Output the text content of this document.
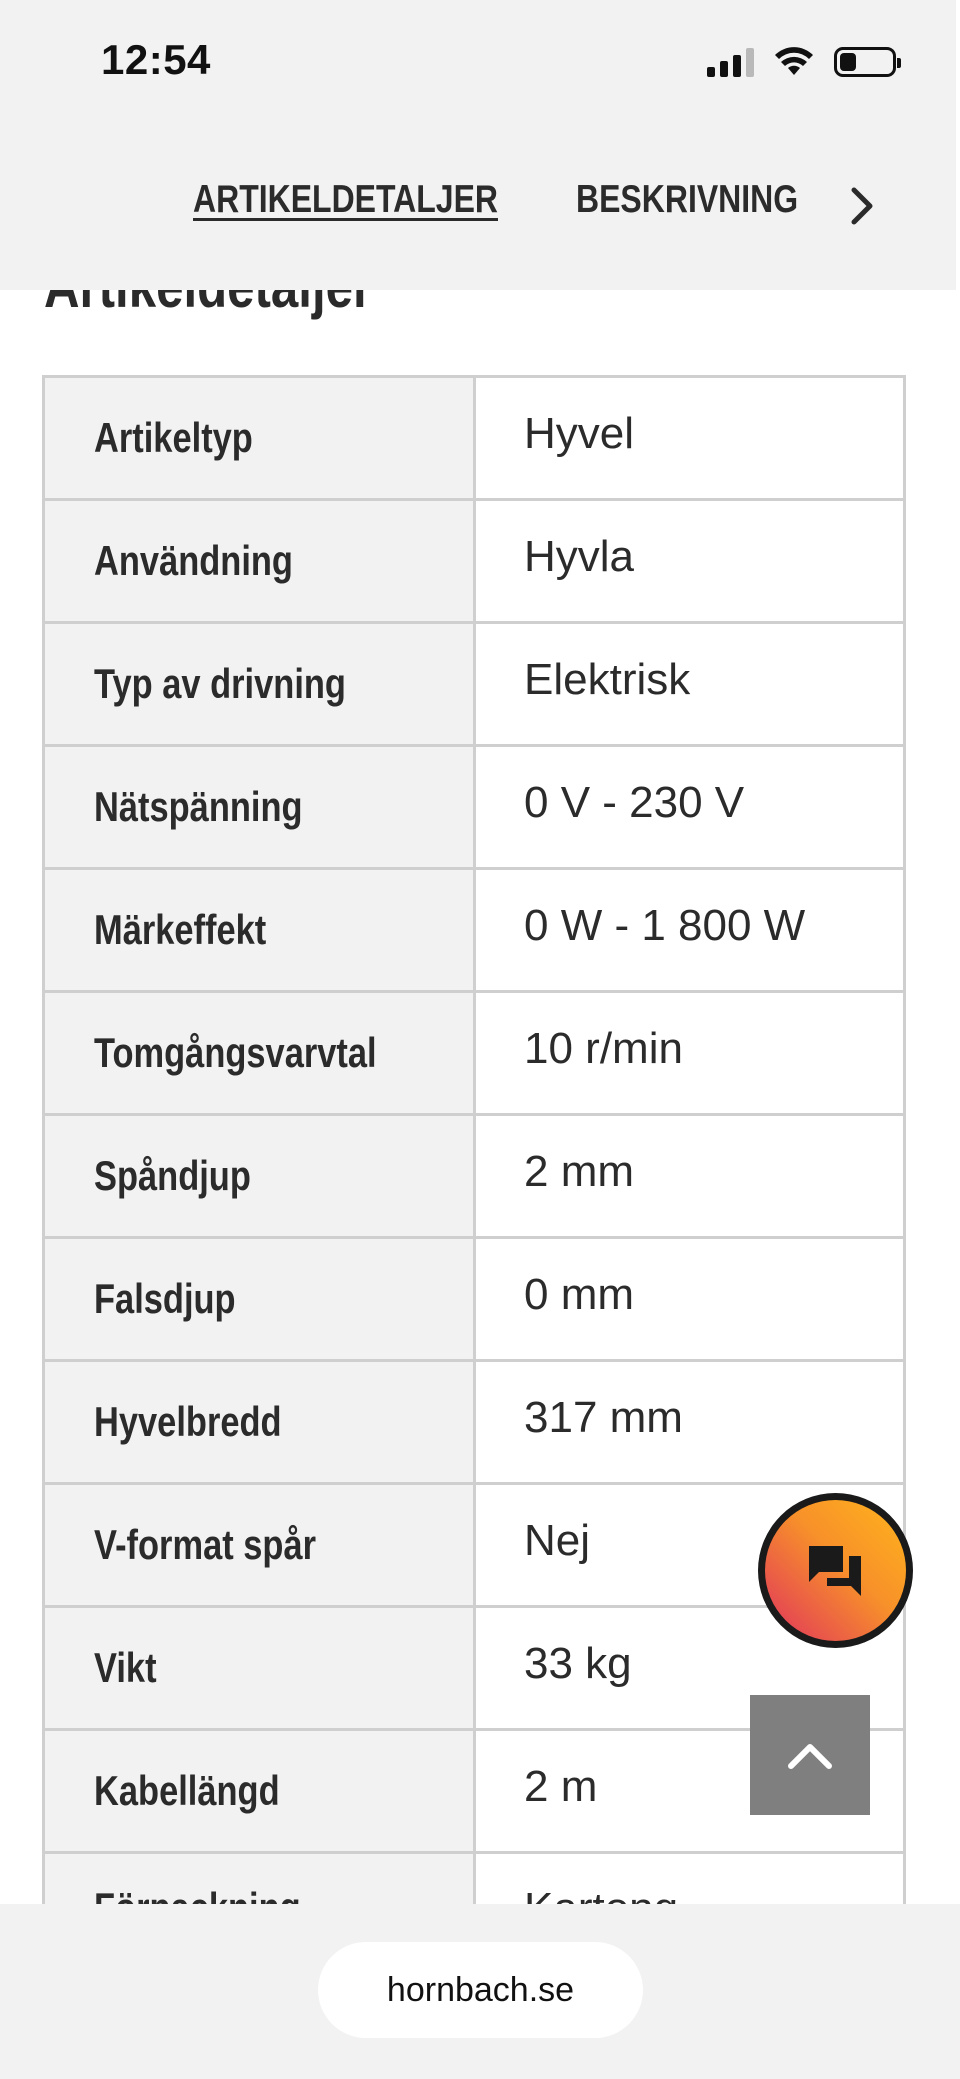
Artikeltyp	Hyvel
Användning	Hyvla
Typ av drivning	Elektrisk
Nätspänning	0 V - 230 V
Märkeffekt	0 W - 1 800 W
Tomgångsvarvtal	10 r/min
Spåndjup	2 mm
Falsdjup	0 mm
Hyvelbredd	317 mm
V-format spår	Nej
Vikt	33 kg
Kabellängd	2 m
12:54
ARTIKELDETALJER BESKRIVNING
hornbach.se
